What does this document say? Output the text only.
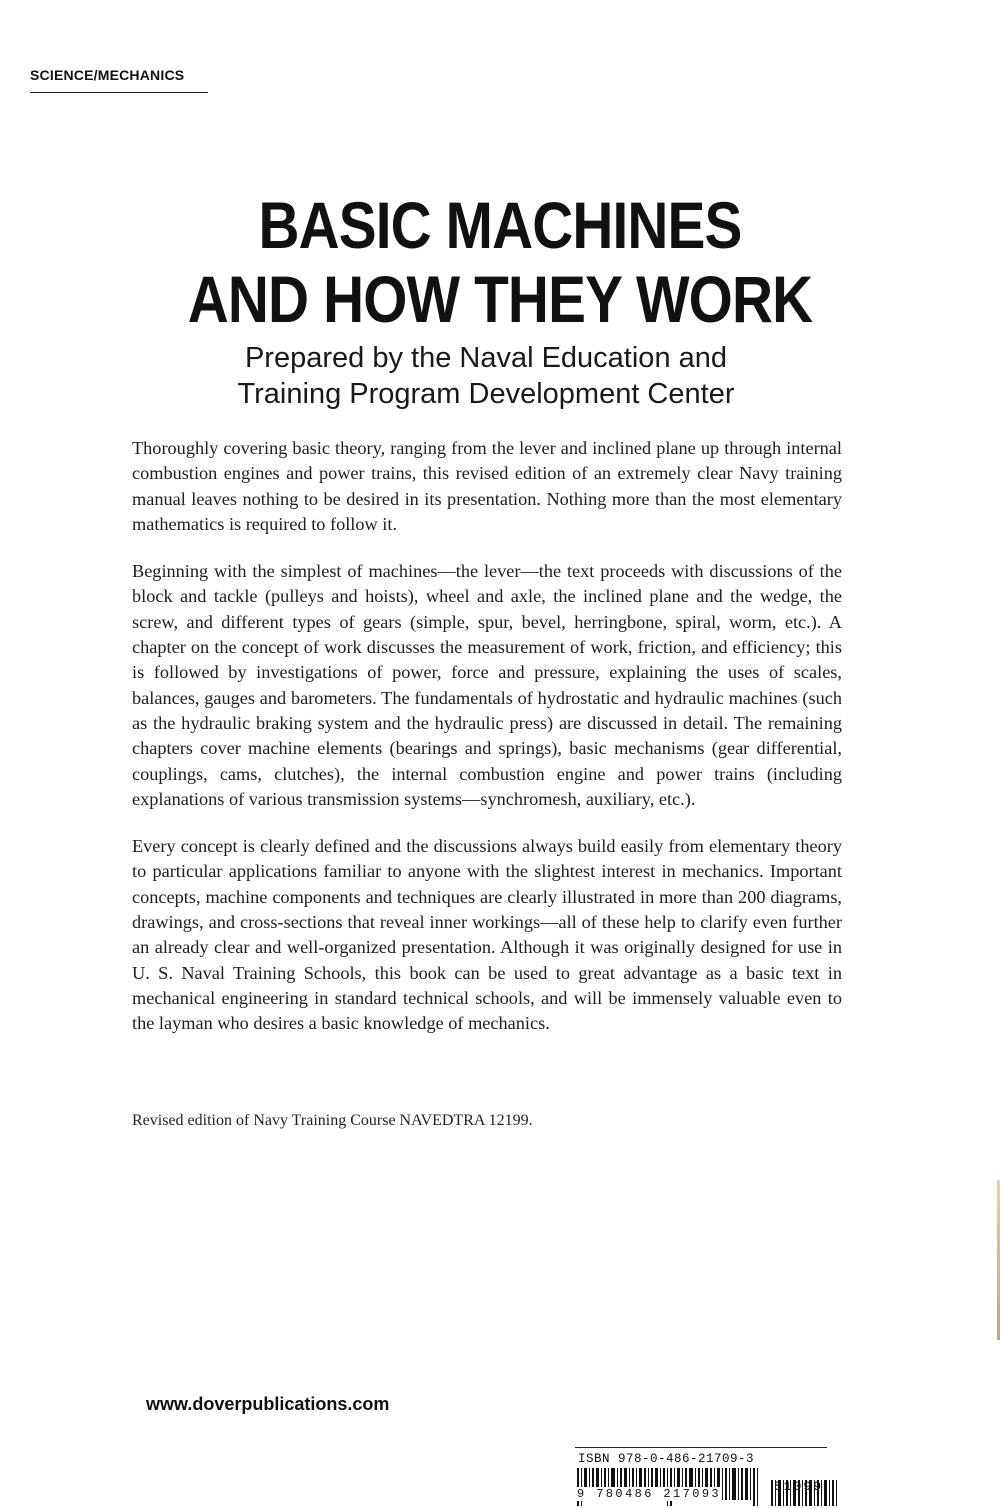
SCIENCE/MECHANICS
BASIC MACHINES
AND HOW THEY WORK
Prepared by the Naval Education and
Training Program Development Center

Thoroughly covering basic theory, ranging from the lever and inclined plane up through internal combustion engines and power trains, this revised edition of an extremely clear Navy training manual leaves nothing to be desired in its presentation. Nothing more than the most elementary mathematics is required to follow it.

Beginning with the simplest of machines—the lever—the text proceeds with discussions of the block and tackle (pulleys and hoists), wheel and axle, the inclined plane and the wedge, the screw, and different types of gears (simple, spur, bevel, herringbone, spiral, worm, etc.). A chapter on the concept of work discusses the measurement of work, friction, and efficiency; this is followed by investigations of power, force and pressure, explaining the uses of scales, balances, gauges and barometers. The fundamentals of hydrostatic and hydraulic machines (such as the hydraulic braking system and the hydraulic press) are discussed in detail. The remaining chapters cover machine elements (bearings and springs), basic mechanisms (gear differential, couplings, cams, clutches), the internal combustion engine and power trains (including explanations of various transmission systems—synchromesh, auxiliary, etc.).

Every concept is clearly defined and the discussions always build easily from elementary theory to particular applications familiar to anyone with the slightest interest in mechanics. Important concepts, machine components and techniques are clearly illustrated in more than 200 diagrams, drawings, and cross-sections that reveal inner workings—all of these help to clarify even further an already clear and well-organized presentation. Although it was originally designed for use in U. S. Naval Training Schools, this book can be used to great advantage as a basic text in mechanical engineering in standard technical schools, and will be immensely valuable even to the layman who desires a basic knowledge of mechanics.

Revised edition of Navy Training Course NAVEDTRA 12199.
www.doverpublications.com
ISBN 978-0-486-21709-3
51099
9 780486 217093
